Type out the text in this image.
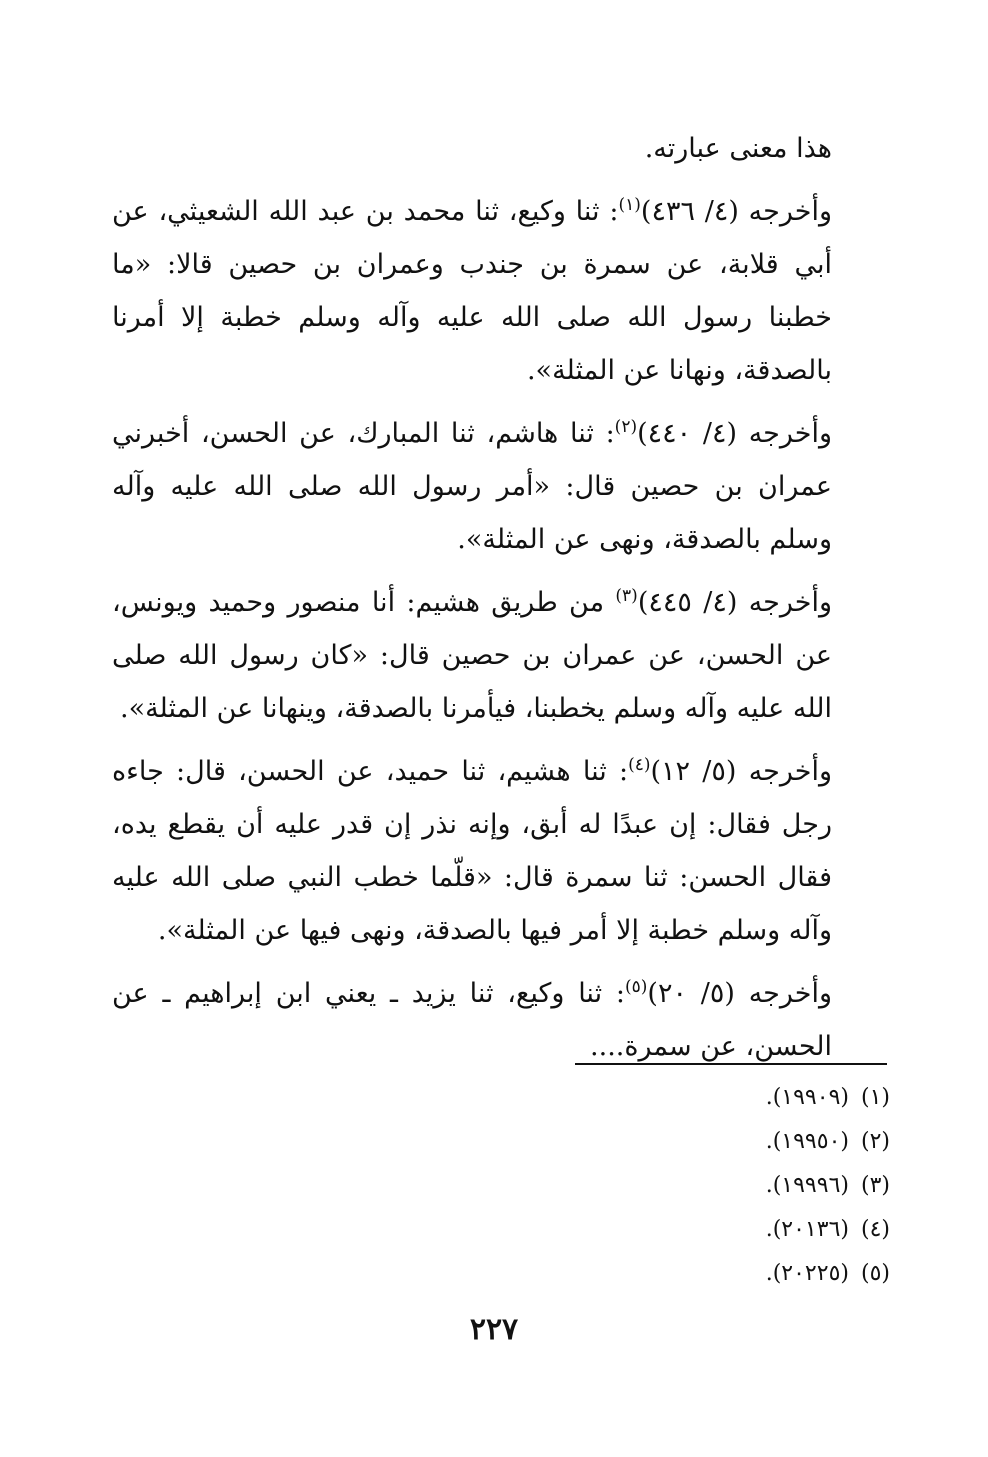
هذا معنى عبارته.

وأخرجه (٤/ ٤٣٦)$^{(١)}$: ثنا وكيع، ثنا محمد بن عبد الله الشعيثي، عن أبي قلابة، عن سمرة بن جندب وعمران بن حصين قالا: «ما خطبنا رسول الله صلى الله عليه وآله وسلم خطبة إلا أمرنا بالصدقة، ونهانا عن المثلة».

وأخرجه (٤/ ٤٤٠)$^{(٢)}$: ثنا هاشم، ثنا المبارك، عن الحسن، أخبرني عمران بن حصين قال: «أمر رسول الله صلى الله عليه وآله وسلم بالصدقة، ونهى عن المثلة».

وأخرجه (٤/ ٤٤٥)$^{(٣)}$ من طريق هشيم: أنا منصور وحميد ويونس، عن الحسن، عن عمران بن حصين قال: «كان رسول الله صلى الله عليه وآله وسلم يخطبنا، فيأمرنا بالصدقة، وينهانا عن المثلة».

وأخرجه (٥/ ١٢)$^{(٤)}$: ثنا هشيم، ثنا حميد، عن الحسن، قال: جاءه رجل فقال: إن عبدًا له أبق، وإنه نذر إن قدر عليه أن يقطع يده، فقال الحسن: ثنا سمرة قال: «قلّما خطب النبي صلى الله عليه وآله وسلم خطبة إلا أمر فيها بالصدقة، ونهى فيها عن المثلة».

وأخرجه (٥/ ٢٠)$^{(٥)}$: ثنا وكيع، ثنا يزيد ـ يعني ابن إبراهيم ـ عن الحسن، عن سمرة....

(١)(١٩٩٠٩).
(٢)(١٩٩٥٠).
(٣)(١٩٩٩٦).
(٤)(٢٠١٣٦).
(٥)(٢٠٢٢٥).
٢٢٧
